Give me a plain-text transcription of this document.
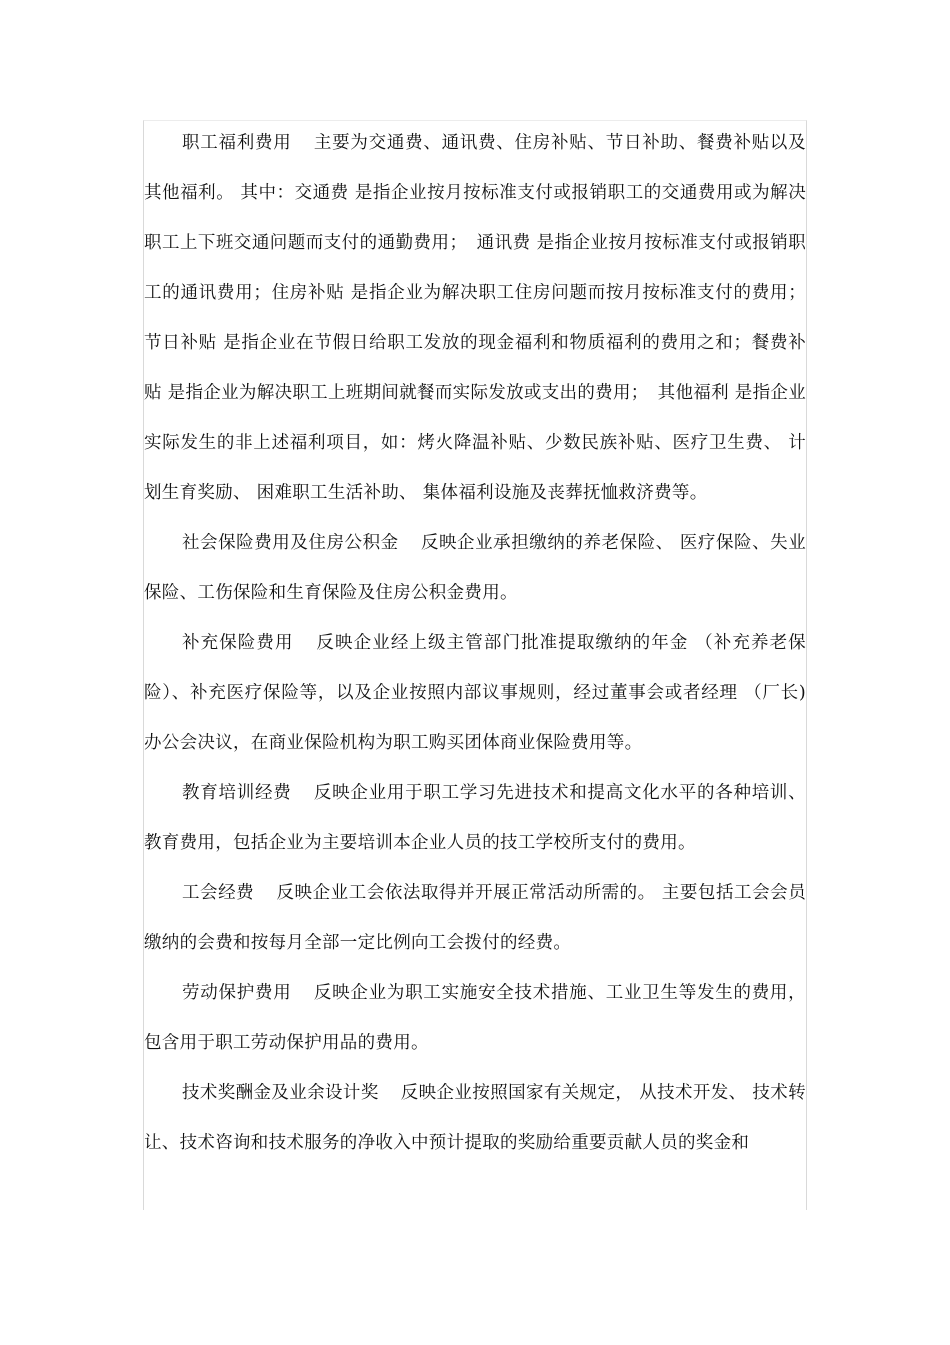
职工福利费用 主要为交通费、通讯费、住房补贴、节日补助、餐费补贴以及其他福利。 其中：交通费 是指企业按月按标准支付或报销职工的交通费用或为解决职工上下班交通问题而支付的通勤费用；　通讯费 是指企业按月按标准支付或报销职工的通讯费用；住房补贴 是指企业为解决职工住房问题而按月按标准支付的费用；节日补贴 是指企业在节假日给职工发放的现金福利和物质福利的费用之和；餐费补贴 是指企业为解决职工上班期间就餐而实际发放或支出的费用；　其他福利 是指企业实际发生的非上述福利项目，如：烤火降温补贴、少数民族补贴、医疗卫生费、 计划生育奖励、 困难职工生活补助、 集体福利设施及丧葬抚恤救济费等。

社会保险费用及住房公积金 反映企业承担缴纳的养老保险、 医疗保险、失业保险、工伤保险和生育保险及住房公积金费用。

补充保险费用 反映企业经上级主管部门批准提取缴纳的年金 （补充养老保险）、补充医疗保险等，以及企业按照内部议事规则，经过董事会或者经理 （厂长)办公会决议，在商业保险机构为职工购买团体商业保险费用等。

教育培训经费 反映企业用于职工学习先进技术和提高文化水平的各种培训、教育费用，包括企业为主要培训本企业人员的技工学校所支付的费用。

工会经费 反映企业工会依法取得并开展正常活动所需的。 主要包括工会会员缴纳的会费和按每月全部一定比例向工会拨付的经费。

劳动保护费用 反映企业为职工实施安全技术措施、工业卫生等发生的费用，包含用于职工劳动保护用品的费用。

技术奖酬金及业余设计奖 反映企业按照国家有关规定， 从技术开发、 技术转让、技术咨询和技术服务的净收入中预计提取的奖励给重要贡献人员的奖金和
